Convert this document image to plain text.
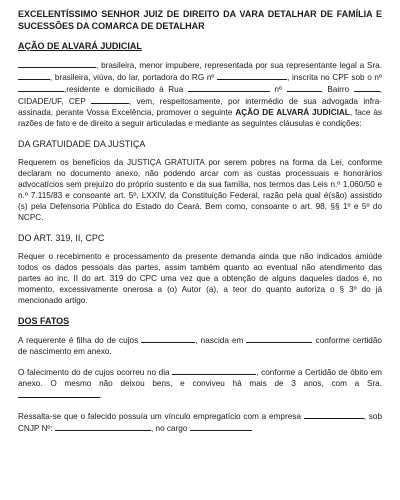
EXCELENTÍSSIMO SENHOR JUIZ DE DIREITO DA VARA DETALHAR DE FAMÍLIA E SUCESSÕES DA COMARCA DE DETALHAR

AÇÃO DE ALVARÁ JUDICIAL

, brasileira, menor impubere, representada por sua representante legal a Sra. , brasileira, viúva, do lar, portadora do RG nº	, inscrita no CPF sob o nº ,residente e domiciliado à Rua	nº	, Bairro	, CIDADE/UF, CEP	, vem, respeitosamente, por intermédio de sua advogada infra-assinada, perante Vossa Excelência, promover o seguinte AÇÃO DE ALVARÁ JUDICIAL, face às razões de fato e de direito a seguir articuladas e mediante as seguintes cláusulas e condições:

DA GRATUIDADE DA JUSTIÇA

Requerem os benefícios da JUSTIÇA GRATUITA por serem pobres na forma da Lei, conforme declaram no documento anexo, não podendo arcar com as custas processuais e honorários advocatícios sem prejuízo do próprio sustento e da sua família, nos termos das Leis n.º 1.060/50 e n.º 7.115/83 e consoante art. 5º, LXXIV, da Constituição Federal, razão pela qual é(são) assistido (s) pela Defensoria Pública do Estado do Ceará. Bem como, consoante o art. 98, §§ 1º e 5º do NCPC.

DO ART. 319, II, CPC

Requer o recebimento e processamento da presente demanda ainda que não indicados amiúde todos os dados pessoais das partes, assim também quanto ao eventual não atendimento das partes ao inc. II do art. 319 do CPC uma vez que a obtenção de alguns daqueles dados é, no momento, excessivamente onerosa a (o) Autor (a), a teor do quanto autoriza o § 3º do já mencionado artigo.

DOS FATOS

A requerente é filha do de cujos	, nascida em	conforme certidão de nascimento em anexo.

O falecimento do de cujos ocorreu no dia	, conforme a Certidão de óbito em anexo. O mesmo não deixou bens, e conviveu há mais de 3 anos, com a Sra. .

Ressalta-se que o falecido possuía um vínculo empregatício com a empresa	, sob CNJP Nº:	, no cargo
